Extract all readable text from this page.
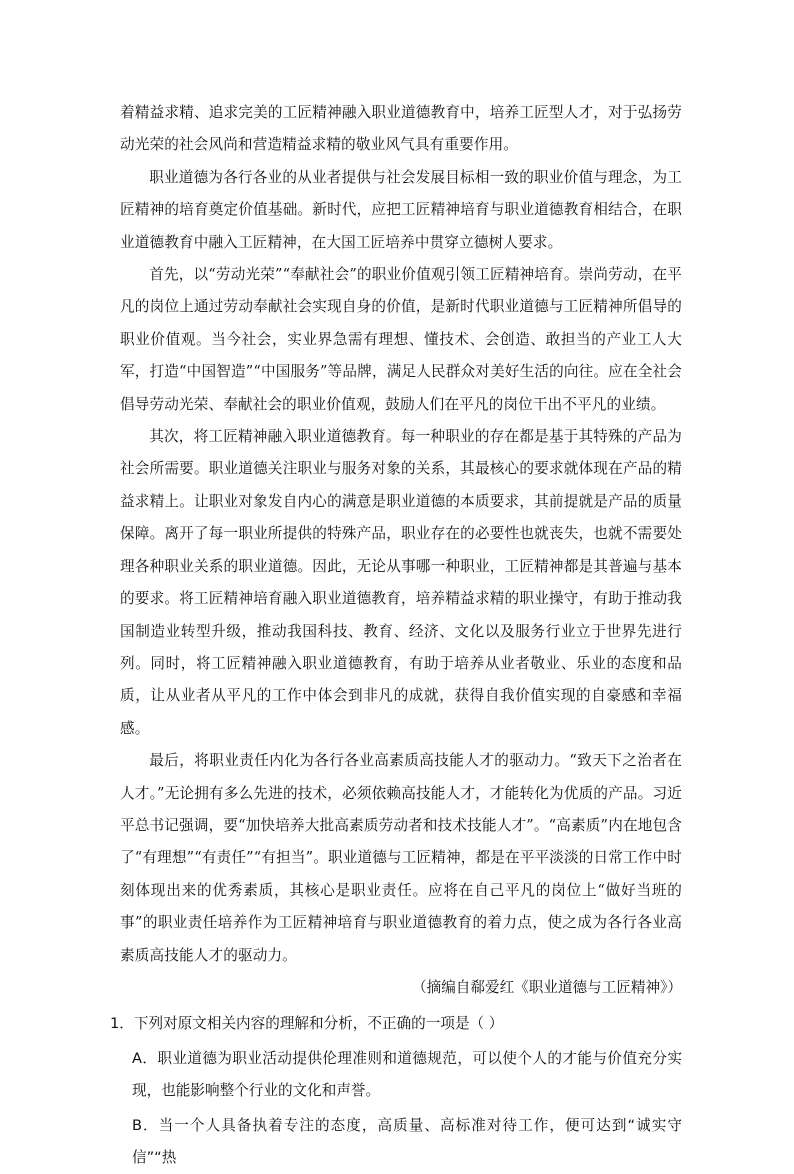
着精益求精、追求完美的工匠精神融入职业道德教育中，培养工匠型人才，对于弘扬劳动光荣的社会风尚和营造精益求精的敬业风气具有重要作用。

职业道德为各行各业的从业者提供与社会发展目标相一致的职业价值与理念，为工匠精神的培育奠定价值基础。新时代，应把工匠精神培育与职业道德教育相结合，在职业道德教育中融入工匠精神，在大国工匠培养中贯穿立德树人要求。

首先，以“劳动光荣”“奉献社会”的职业价值观引领工匠精神培育。崇尚劳动，在平凡的岗位上通过劳动奉献社会实现自身的价值，是新时代职业道德与工匠精神所倡导的职业价值观。当今社会，实业界急需有理想、懂技术、会创造、敢担当的产业工人大军，打造“中国智造”“中国服务”等品牌，满足人民群众对美好生活的向往。应在全社会倡导劳动光荣、奉献社会的职业价值观，鼓励人们在平凡的岗位干出不平凡的业绩。

其次，将工匠精神融入职业道德教育。每一种职业的存在都是基于其特殊的产品为社会所需要。职业道德关注职业与服务对象的关系，其最核心的要求就体现在产品的精益求精上。让职业对象发自内心的满意是职业道德的本质要求，其前提就是产品的质量保障。离开了每一职业所提供的特殊产品，职业存在的必要性也就丧失，也就不需要处理各种职业关系的职业道德。因此，无论从事哪一种职业，工匠精神都是其普遍与基本的要求。将工匠精神培育融入职业道德教育，培养精益求精的职业操守，有助于推动我国制造业转型升级，推动我国科技、教育、经济、文化以及服务行业立于世界先进行列。同时，将工匠精神融入职业道德教育，有助于培养从业者敬业、乐业的态度和品质，让从业者从平凡的工作中体会到非凡的成就，获得自我价值实现的自豪感和幸福感。

最后，将职业责任内化为各行各业高素质高技能人才的驱动力。“致天下之治者在人才。”无论拥有多么先进的技术，必须依赖高技能人才，才能转化为优质的产品。习近平总书记强调，要“加快培养大批高素质劳动者和技术技能人才”。“高素质”内在地包含了“有理想”“有责任”“有担当”。职业道德与工匠精神，都是在平平淡淡的日常工作中时刻体现出来的优秀素质，其核心是职业责任。应将在自己平凡的岗位上“做好当班的事”的职业责任培养作为工匠精神培育与职业道德教育的着力点，使之成为各行各业高素质高技能人才的驱动力。

（摘编自郗爱红《职业道德与工匠精神》）

1．下列对原文相关内容的理解和分析，不正确的一项是（ ）

A．职业道德为职业活动提供伦理准则和道德规范，可以使个人的才能与价值充分实现，也能影响整个行业的文化和声誉。

B．当一个人具备执着专注的态度，高质量、高标准对待工作，便可达到“诚实守信”“热
